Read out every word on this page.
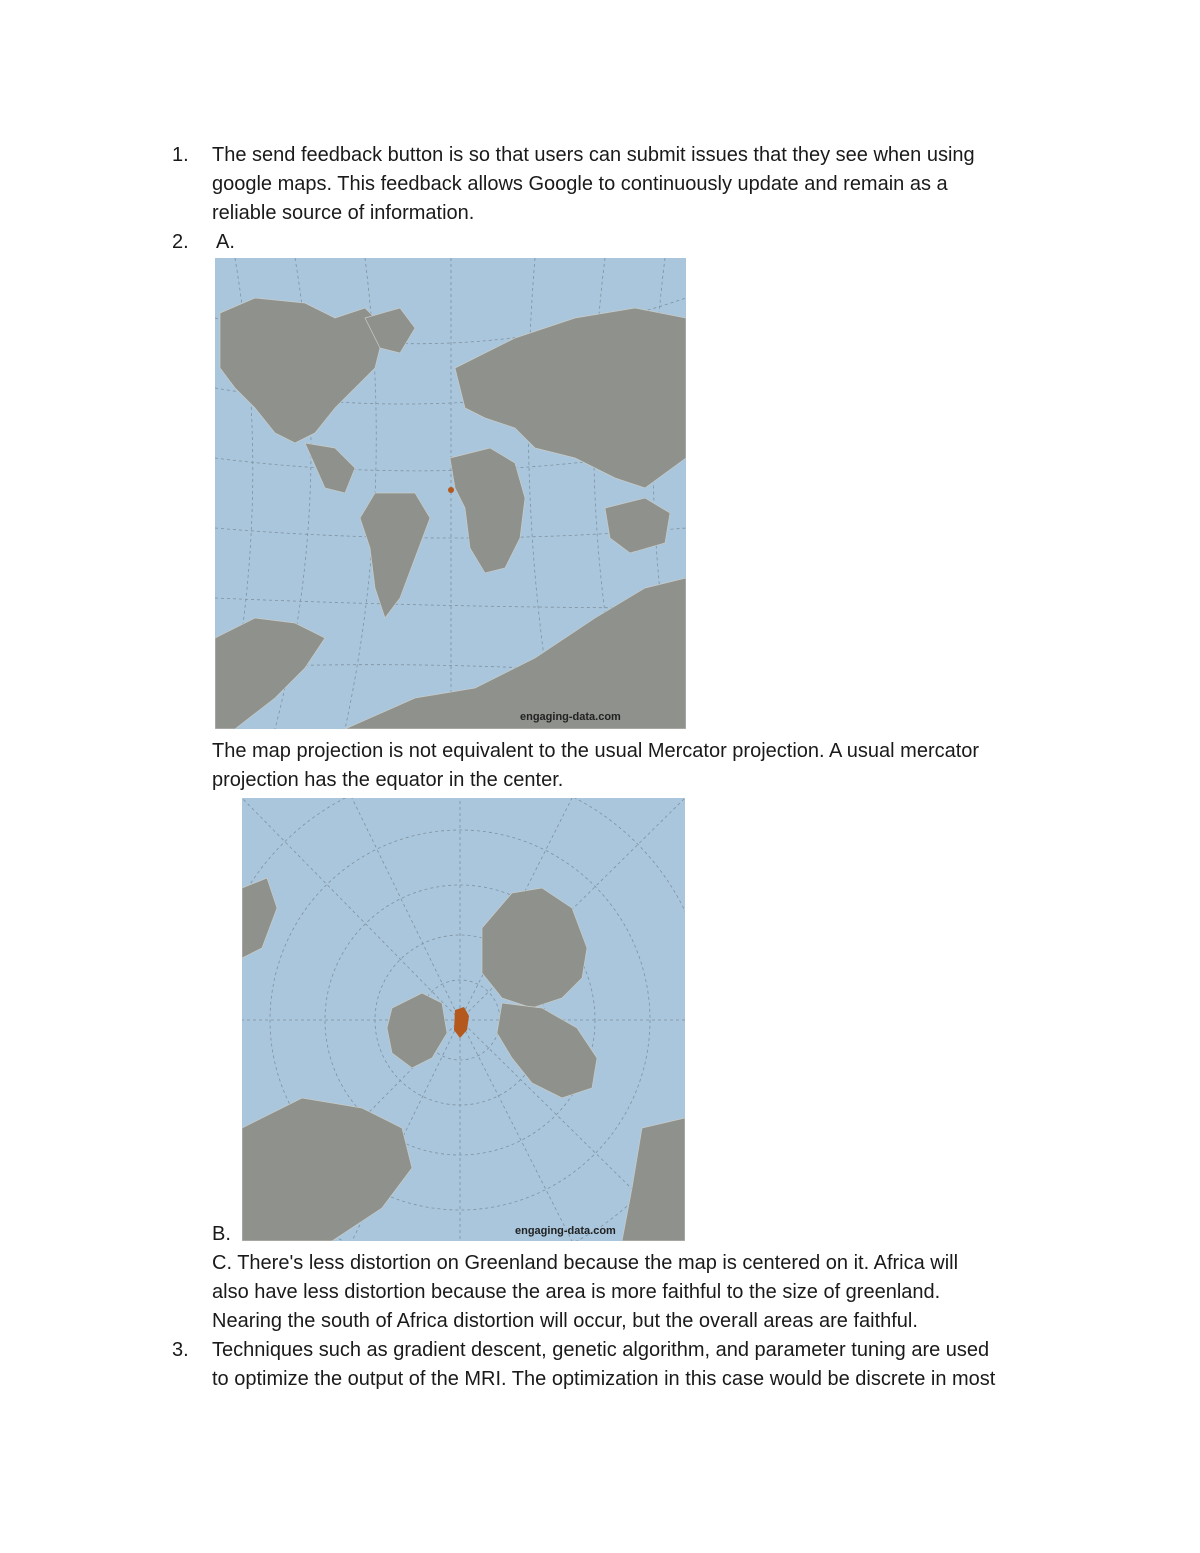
1. The send feedback button is so that users can submit issues that they see when using
google maps. This feedback allows Google to continuously update and remain as a
reliable source of information.
2. A.
engaging-data.com
The map projection is not equivalent to the usual Mercator projection. A usual mercator
projection has the equator in the center.
engaging-data.com
B.
C. There's less distortion on Greenland because the map is centered on it. Africa will
also have less distortion because the area is more faithful to the size of greenland.
Nearing the south of Africa distortion will occur, but the overall areas are faithful.
3. Techniques such as gradient descent, genetic algorithm, and parameter tuning are used
to optimize the output of the MRI. The optimization in this case would be discrete in most
